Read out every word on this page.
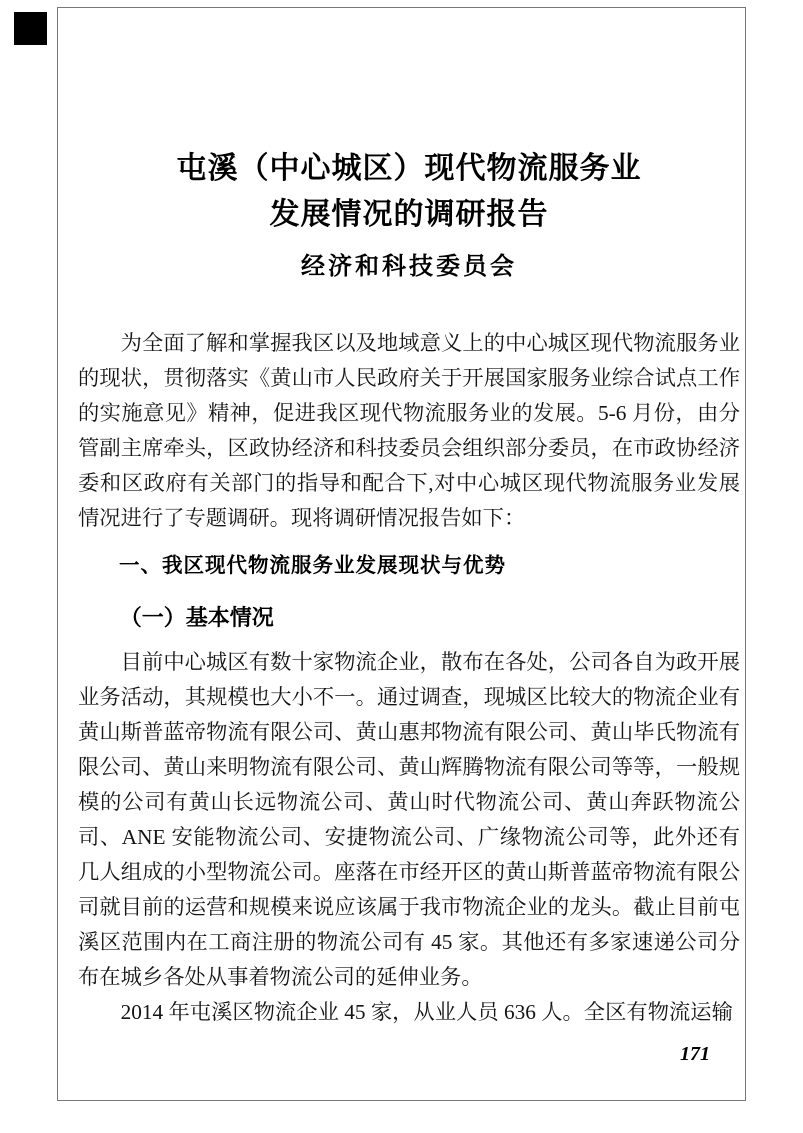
屯溪（中心城区）现代物流服务业
发展情况的调研报告
经济和科技委员会

为全面了解和掌握我区以及地域意义上的中心城区现代物流服务业的现状，贯彻落实《黄山市人民政府关于开展国家服务业综合试点工作的实施意见》精神，促进我区现代物流服务业的发展。5-6 月份，由分管副主席牵头，区政协经济和科技委员会组织部分委员，在市政协经济委和区政府有关部门的指导和配合下,对中心城区现代物流服务业发展情况进行了专题调研。现将调研情况报告如下：

一、我区现代物流服务业发展现状与优势

（一）基本情况

目前中心城区有数十家物流企业，散布在各处，公司各自为政开展业务活动，其规模也大小不一。通过调查，现城区比较大的物流企业有黄山斯普蓝帝物流有限公司、黄山惠邦物流有限公司、黄山毕氏物流有限公司、黄山来明物流有限公司、黄山辉腾物流有限公司等等，一般规模的公司有黄山长远物流公司、黄山时代物流公司、黄山奔跃物流公司、ANE 安能物流公司、安捷物流公司、广缘物流公司等，此外还有几人组成的小型物流公司。座落在市经开区的黄山斯普蓝帝物流有限公司就目前的运营和规模来说应该属于我市物流企业的龙头。截止目前屯溪区范围内在工商注册的物流公司有 45 家。其他还有多家速递公司分布在城乡各处从事着物流公司的延伸业务。

2014 年屯溪区物流企业 45 家，从业人员 636 人。全区有物流运输

171
